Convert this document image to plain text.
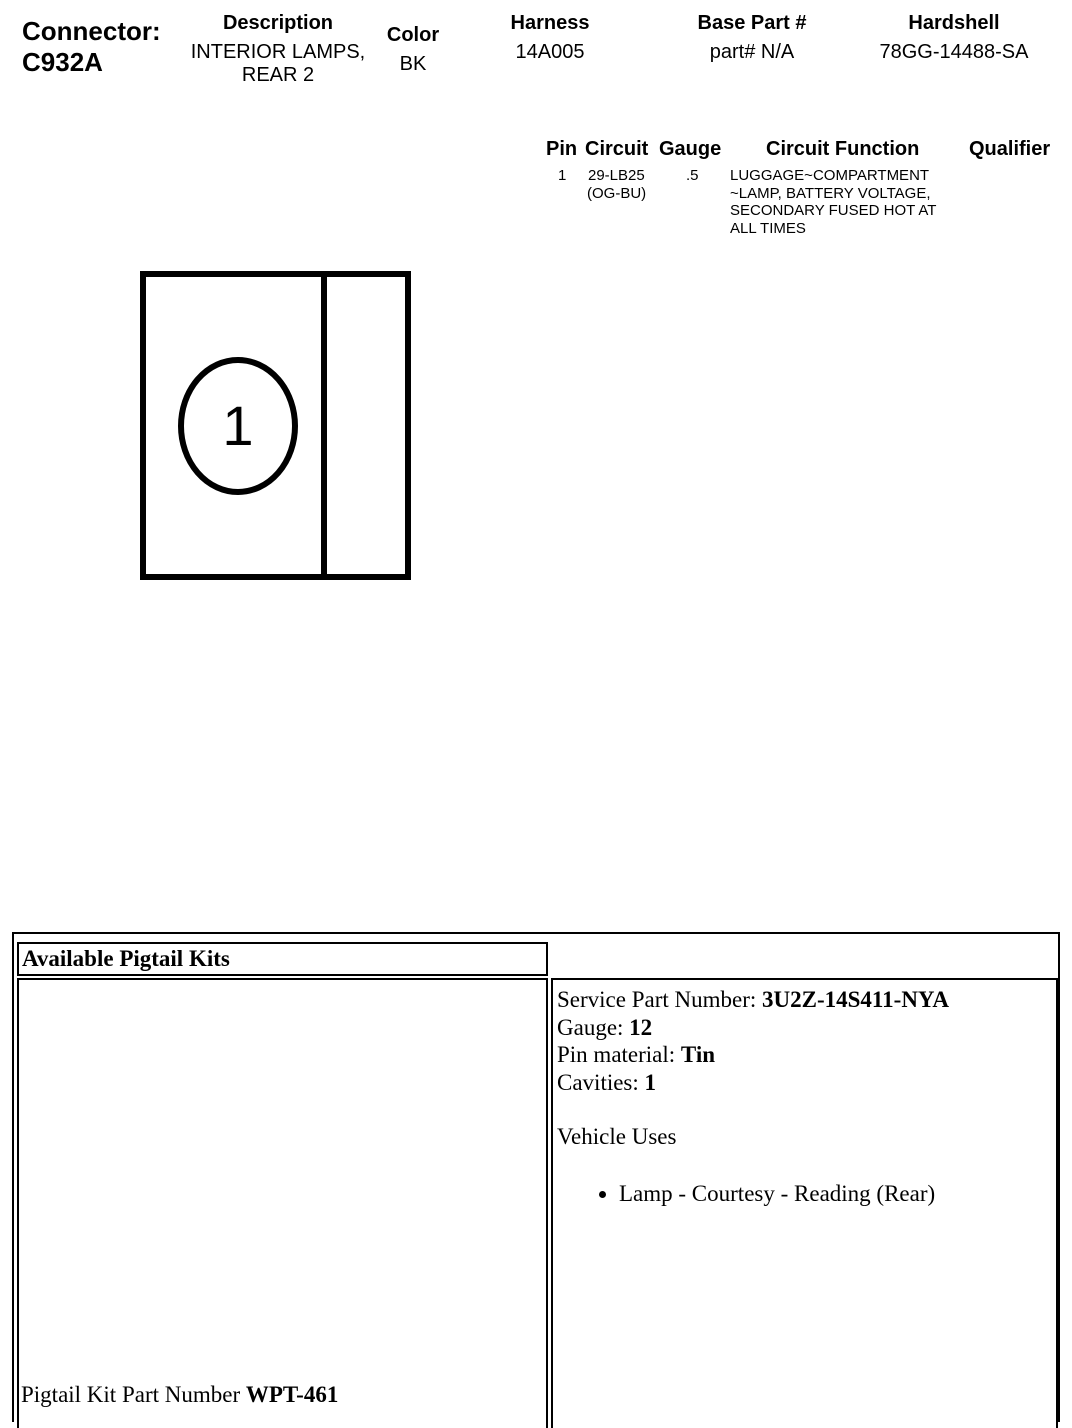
Connector:
C932A
Description
INTERIOR LAMPS,
REAR 2
Color
BK
Harness
14A005
Base Part #
part# N/A
Hardshell
78GG-14488-SA
Pin Circuit Gauge Circuit Function Qualifier
1 29-LB25
(OG-BU)
.5 LUGGAGE~COMPARTMENT
~LAMP, BATTERY VOLTAGE,
SECONDARY FUSED HOT AT
ALL TIMES
1
Available Pigtail Kits
Service Part Number: 3U2Z-14S411-NYA
Gauge: 12
Pin material: Tin
Cavities: 1
Vehicle Uses
• Lamp - Courtesy - Reading (Rear)
Pigtail Kit Part Number WPT-461
